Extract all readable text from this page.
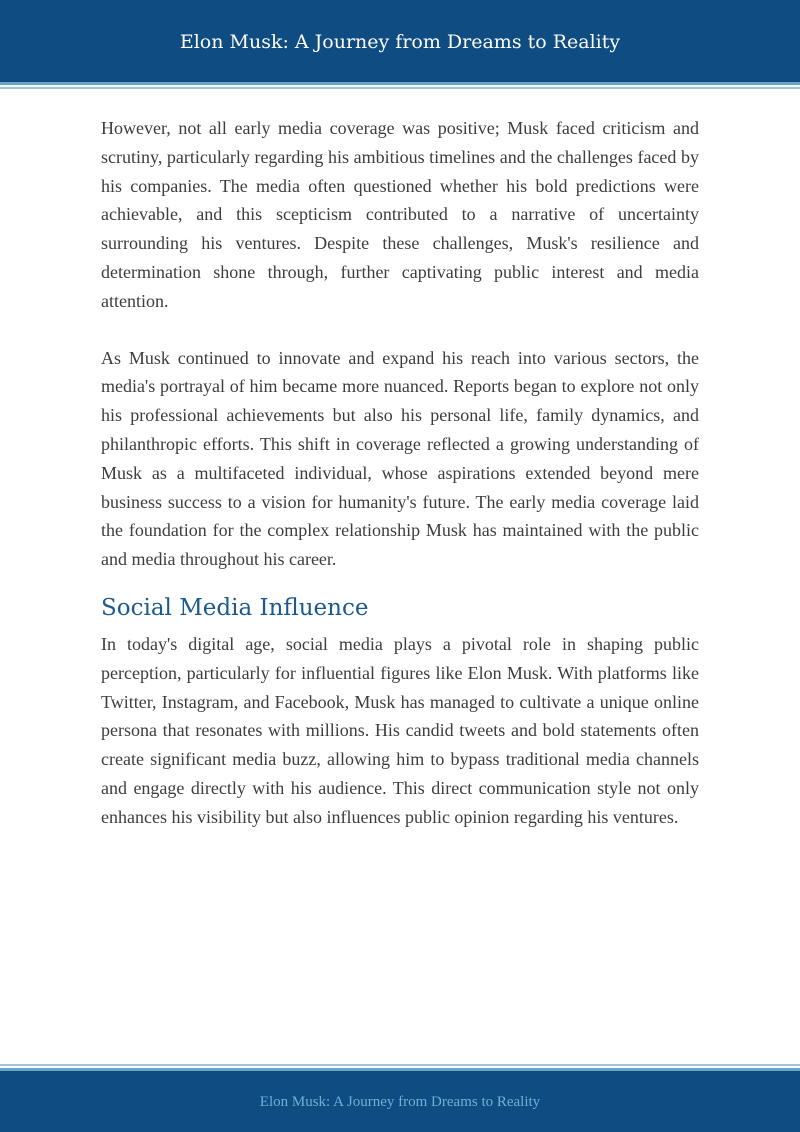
Elon Musk: A Journey from Dreams to Reality

However, not all early media coverage was positive; Musk faced criticism and scrutiny, particularly regarding his ambitious timelines and the challenges faced by his companies. The media often questioned whether his bold predictions were achievable, and this scepticism contributed to a narrative of uncertainty surrounding his ventures. Despite these challenges, Musk's resilience and determination shone through, further captivating public interest and media attention.

As Musk continued to innovate and expand his reach into various sectors, the media's portrayal of him became more nuanced. Reports began to explore not only his professional achievements but also his personal life, family dynamics, and philanthropic efforts. This shift in coverage reflected a growing understanding of Musk as a multifaceted individual, whose aspirations extended beyond mere business success to a vision for humanity's future. The early media coverage laid the foundation for the complex relationship Musk has maintained with the public and media throughout his career.

Social Media Influence

In today's digital age, social media plays a pivotal role in shaping public perception, particularly for influential figures like Elon Musk. With platforms like Twitter, Instagram, and Facebook, Musk has managed to cultivate a unique online persona that resonates with millions. His candid tweets and bold statements often create significant media buzz, allowing him to bypass traditional media channels and engage directly with his audience. This direct communication style not only enhances his visibility but also influences public opinion regarding his ventures.

Elon Musk: A Journey from Dreams to Reality
